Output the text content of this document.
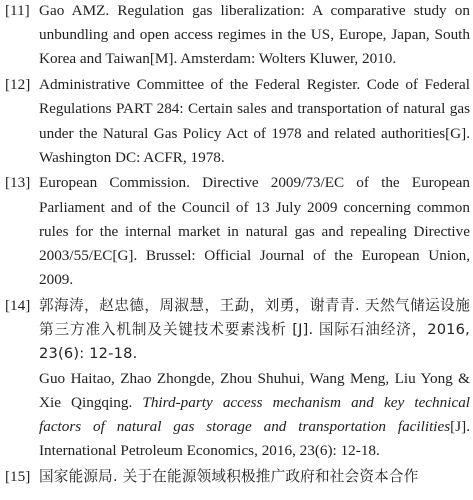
[11] Gao AMZ. Regulation gas liberalization: A comparative study on unbundling and open access regimes in the US, Europe, Japan, South Korea and Taiwan[M]. Amsterdam: Wolters Kluwer, 2010.
[12] Administrative Committee of the Federal Register. Code of Federal Regulations PART 284: Certain sales and transportation of natural gas under the Natural Gas Policy Act of 1978 and related authorities[G]. Washington DC: ACFR, 1978.
[13] European Commission. Directive 2009/73/EC of the European Parliament and of the Council of 13 July 2009 concerning common rules for the internal market in natural gas and repealing Directive 2003/55/EC[G]. Brussel: Official Journal of the European Union, 2009.
[14] 郭海涛，赵忠德，周淑慧，王勐，刘勇，谢青青. 天然气储运设施第三方准入机制及关键技术要素浅析 [J]. 国际石油经济，2016, 23(6): 12-18.

Guo Haitao, Zhao Zhongde, Zhou Shuhui, Wang Meng, Liu Yong & Xie Qingqing. Third-party access mechanism and key technical factors of natural gas storage and transportation facilities[J]. International Petroleum Economics, 2016, 23(6): 12-18.

[15] 国家能源局. 关于在能源领域积极推广政府和社会资本合作
